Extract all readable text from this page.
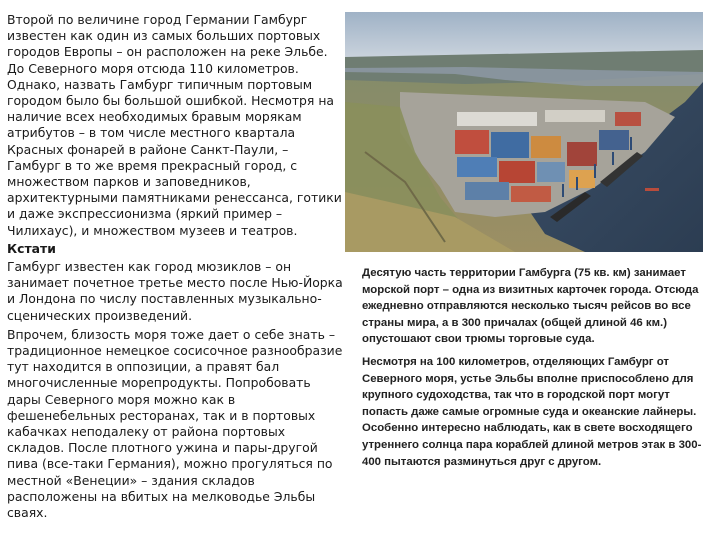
Второй по величине город Германии Гамбург известен как один из самых больших портовых городов Европы – он расположен на реке Эльбе. До Северного моря отсюда 110 километров. Однако, назвать Гамбург типичным портовым городом было бы большой ошибкой. Несмотря на наличие всех необходимых бравым морякам атрибутов – в том числе местного квартала Красных фонарей в районе Санкт-Паули, – Гамбург в то же время прекрасный город, с множеством парков и заповедников, архитектурными памятниками ренессанса, готики и даже экспрессионизма (яркий пример – Чилихаус), и множеством музеев и театров.

Кстати

Гамбург известен как город мюзиклов – он занимает почетное третье место после Нью-Йорка и Лондона по числу поставленных музыкально-сценических произведений.

Впрочем, близость моря тоже дает о себе знать – традиционное немецкое сосисочное разнообразие тут находится в оппозиции, а правят бал многочисленные морепродукты. Попробовать дары Северного моря можно как в фешенебельных ресторанах, так и в портовых кабачках неподалеку от района портовых складов. После плотного ужина и пары-другой пива (все-таки Германия), можно прогуляться по местной «Венеции» – здания складов расположены на вбитых на мелководье Эльбы сваях.

Десятую часть территории Гамбурга (75 кв. км) занимает морской порт – одна из визитных карточек города. Отсюда ежедневно отправляются несколько тысяч рейсов во все страны мира, а в 300 причалах (общей длиной 46 км.) опустошают свои трюмы торговые суда.

Несмотря на 100 километров, отделяющих Гамбург от Северного моря, устье Эльбы вполне приспособлено для крупного судоходства, так что в городской порт могут попасть даже самые огромные суда и океанские лайнеры. Особенно интересно наблюдать, как в свете восходящего утреннего солнца пара кораблей длиной метров этак в 300-400 пытаются разминуться друг с другом.
